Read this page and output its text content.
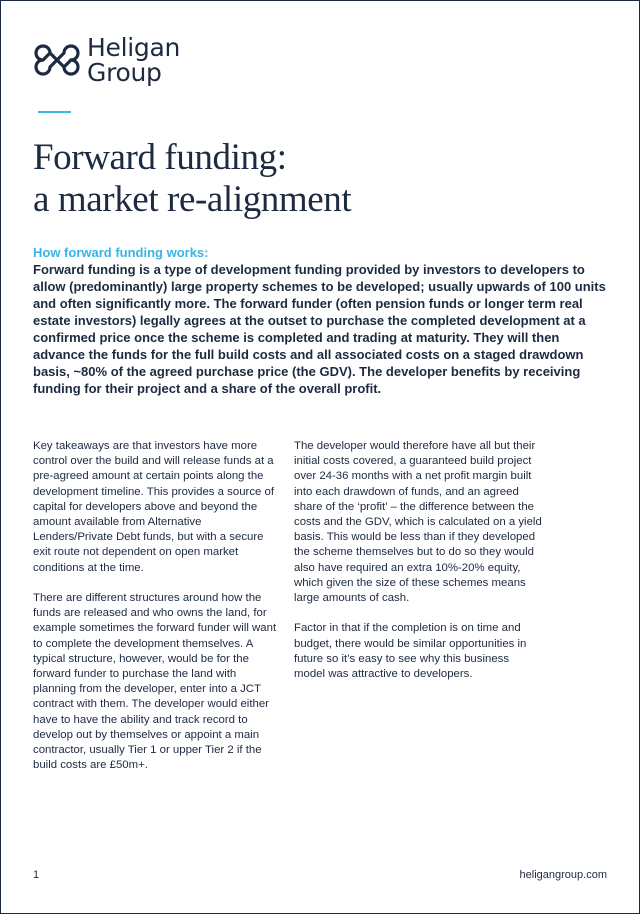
Heligan
Group
Forward funding:
a market re-alignment
How forward funding works:
Forward funding is a type of development funding provided by investors to developers to allow (predominantly) large property schemes to be developed; usually upwards of 100 units and often significantly more. The forward funder (often pension funds or longer term real estate investors) legally agrees at the outset to purchase the completed development at a confirmed price once the scheme is completed and trading at maturity. They will then advance the funds for the full build costs and all associated costs on a staged drawdown basis, ~80% of the agreed purchase price (the GDV). The developer benefits by receiving funding for their project and a share of the overall profit.

Key takeaways are that investors have more control over the build and will release funds at a pre-agreed amount at certain points along the development timeline. This provides a source of capital for developers above and beyond the amount available from Alternative Lenders/Private Debt funds, but with a secure exit route not dependent on open market conditions at the time.

There are different structures around how the funds are released and who owns the land, for example sometimes the forward funder will want to complete the development themselves. A typical structure, however, would be for the forward funder to purchase the land with planning from the developer, enter into a JCT contract with them. The developer would either have to have the ability and track record to develop out by themselves or appoint a main contractor, usually Tier 1 or upper Tier 2 if the build costs are £50m+.

The developer would therefore have all but their initial costs covered, a guaranteed build project over 24-36 months with a net profit margin built into each drawdown of funds, and an agreed share of the ‘profit’ – the difference between the costs and the GDV, which is calculated on a yield basis. This would be less than if they developed the scheme themselves but to do so they would also have required an extra 10%-20% equity, which given the size of these schemes means large amounts of cash.

Factor in that if the completion is on time and budget, there would be similar opportunities in future so it’s easy to see why this business model was attractive to developers.

1	heligangroup.com
